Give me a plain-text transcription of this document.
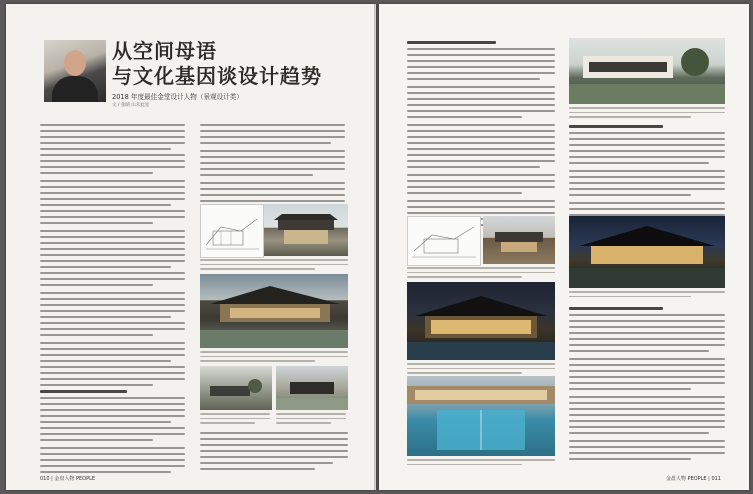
从空间母语
与文化基因谈设计趋势
2018 年度最佳金堂设计人物（景观设计类）
文 / 张晴 山未此星
010 | 金盘人物 PEOPLE	金盘人物 PEOPLE | 011
